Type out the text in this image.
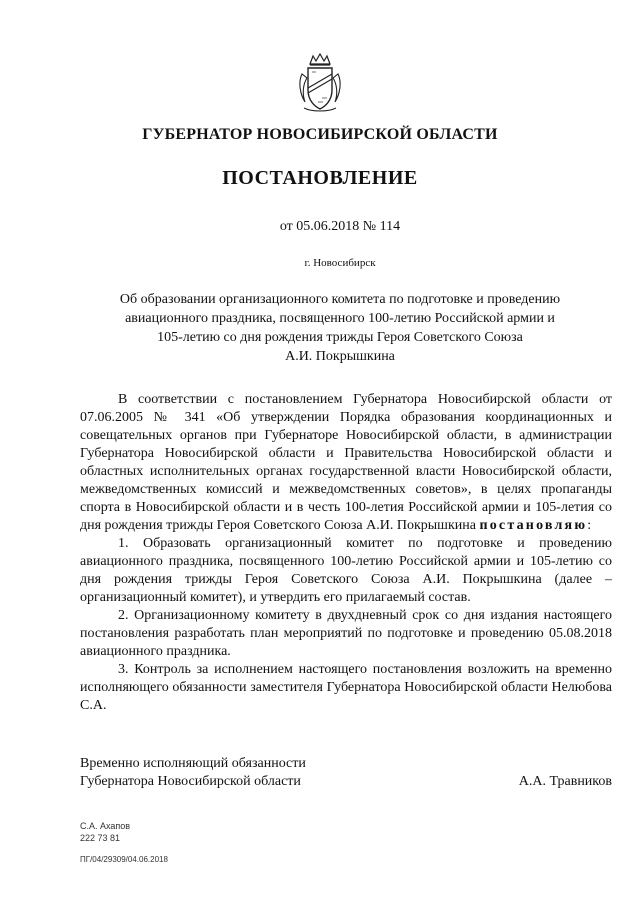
ГУБЕРНАТОР НОВОСИБИРСКОЙ ОБЛАСТИ
ПОСТАНОВЛЕНИЕ
от 05.06.2018 № 114
г. Новосибирск
Об образовании организационного комитета по подготовке и проведению
авиационного праздника, посвященного 100-летию Российской армии и
105-летию со дня рождения трижды Героя Советского Союза
А.И. Покрышкина

В соответствии с постановлением Губернатора Новосибирской области от 07.06.2005 № 341 «Об утверждении Порядка образования координационных и совещательных органов при Губернаторе Новосибирской области, в администрации Губернатора Новосибирской области и Правительства Новосибирской области и областных исполнительных органах государственной власти Новосибирской области, межведомственных комиссий и межведомственных советов», в целях пропаганды спорта в Новосибирской области и в честь 100-летия Российской армии и 105-летия со дня рождения трижды Героя Советского Союза А.И. Покрышкина постановляю:

1. Образовать организационный комитет по подготовке и проведению авиационного праздника, посвященного 100-летию Российской армии и 105-летию со дня рождения трижды Героя Советского Союза А.И. Покрышкина (далее – организационный комитет), и утвердить его прилагаемый состав.

2. Организационному комитету в двухдневный срок со дня издания настоящего постановления разработать план мероприятий по подготовке и проведению 05.08.2018 авиационного праздника.

3. Контроль за исполнением настоящего постановления возложить на временно исполняющего обязанности заместителя Губернатора Новосибирской области Нелюбова С.А.

Временно исполняющий обязанности
Губернатора Новосибирской области	А.А. Травников
С.А. Ахапов
222 73 81
ПГ/04/29309/04.06.2018
